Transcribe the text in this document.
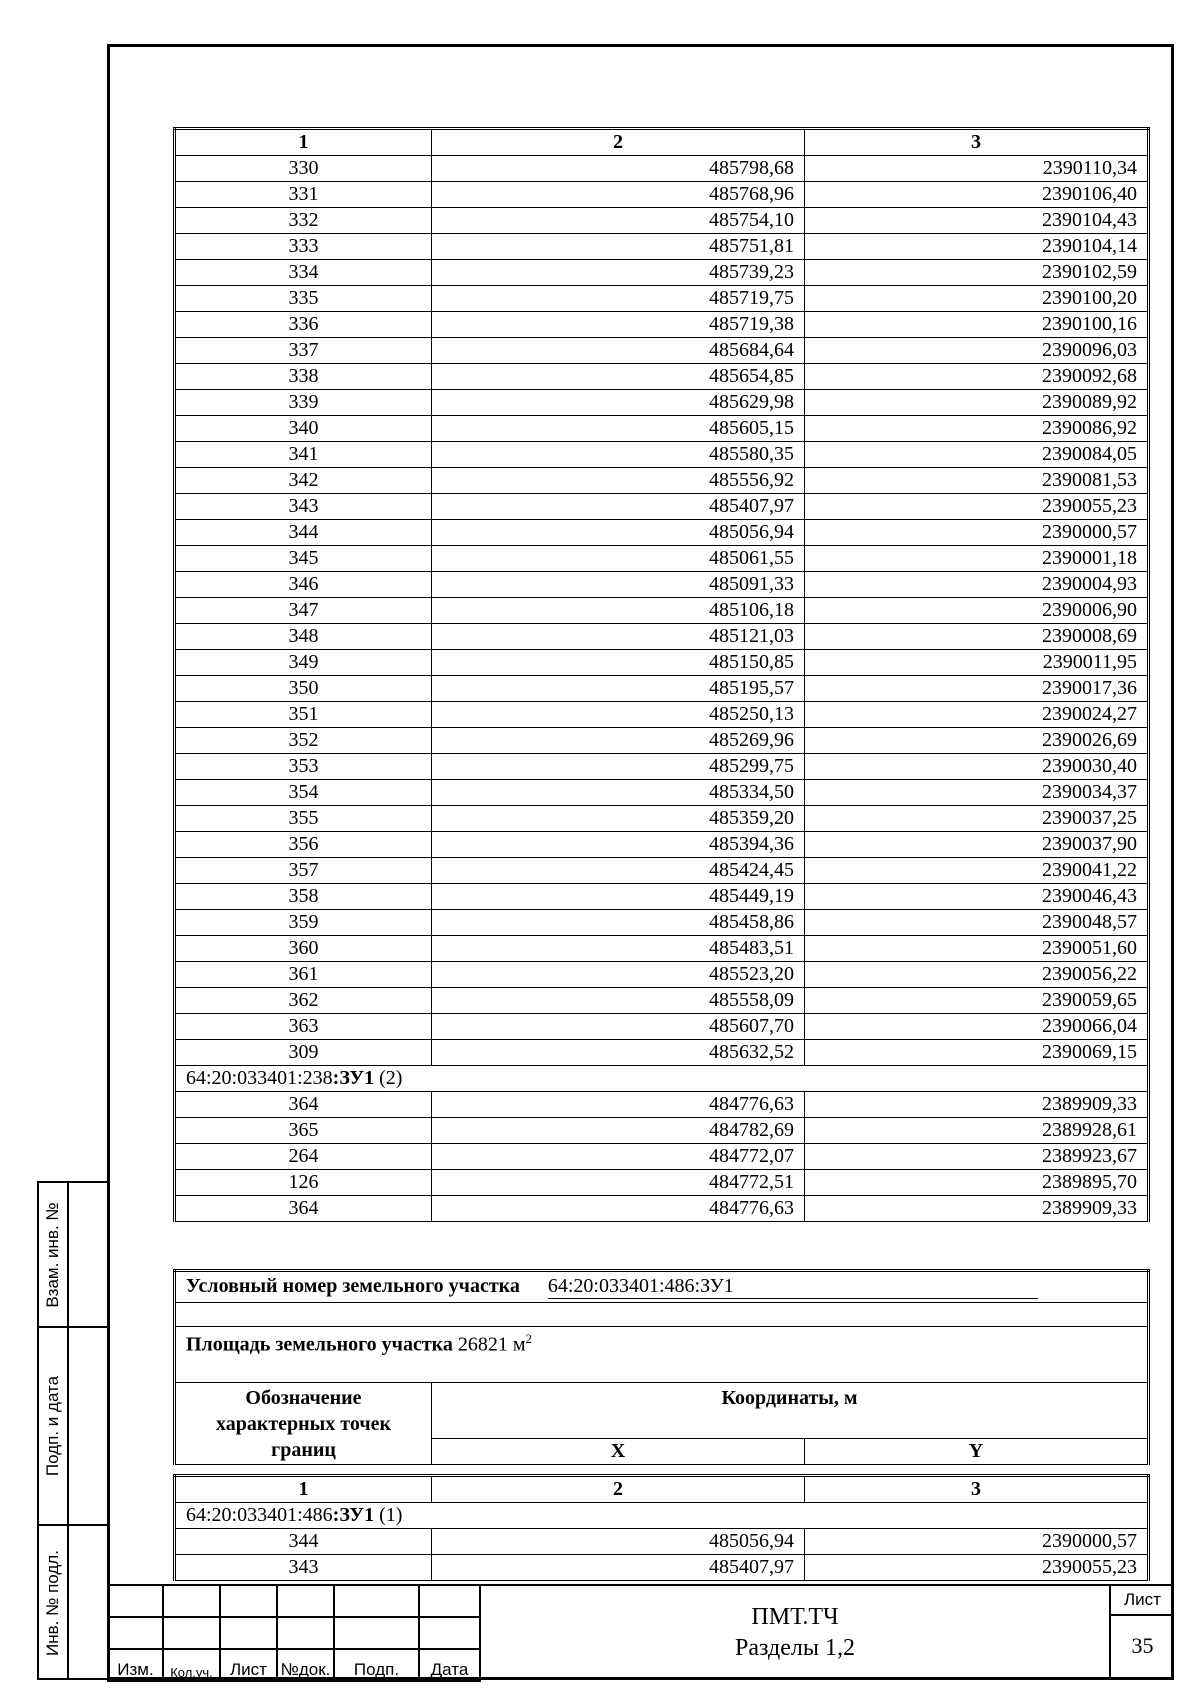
Взам. инв. №
Подп. и дата
Инв. № подл.
1	2	3
330	485798,68	2390110,34
331	485768,96	2390106,40
332	485754,10	2390104,43
333	485751,81	2390104,14
334	485739,23	2390102,59
335	485719,75	2390100,20
336	485719,38	2390100,16
337	485684,64	2390096,03
338	485654,85	2390092,68
339	485629,98	2390089,92
340	485605,15	2390086,92
341	485580,35	2390084,05
342	485556,92	2390081,53
343	485407,97	2390055,23
344	485056,94	2390000,57
345	485061,55	2390001,18
346	485091,33	2390004,93
347	485106,18	2390006,90
348	485121,03	2390008,69
349	485150,85	2390011,95
350	485195,57	2390017,36
351	485250,13	2390024,27
352	485269,96	2390026,69
353	485299,75	2390030,40
354	485334,50	2390034,37
355	485359,20	2390037,25
356	485394,36	2390037,90
357	485424,45	2390041,22
358	485449,19	2390046,43
359	485458,86	2390048,57
360	485483,51	2390051,60
361	485523,20	2390056,22
362	485558,09	2390059,65
363	485607,70	2390066,04
309	485632,52	2390069,15
64:20:033401:238:ЗУ1 (2)		
364	484776,63	2389909,33
365	484782,69	2389928,61
264	484772,07	2389923,67
126	484772,51	2389895,70
364	484776,63	2389909,33
Условный номер земельного участка 64:20:033401:486:ЗУ1		

Площадь земельного участка 26821 $м^2$
Обозначение характерных точек границ	Координаты, м	
	X	Y
1	2	3
64:20:033401:486:ЗУ1 (1)		
344	485056,94	2390000,57
343	485407,97	2390055,23

Изм.	Кол.уч.	Лист	№док.	Подп.	Дата
ПМТ.ТЧ
Разделы 1,2
Лист
35
